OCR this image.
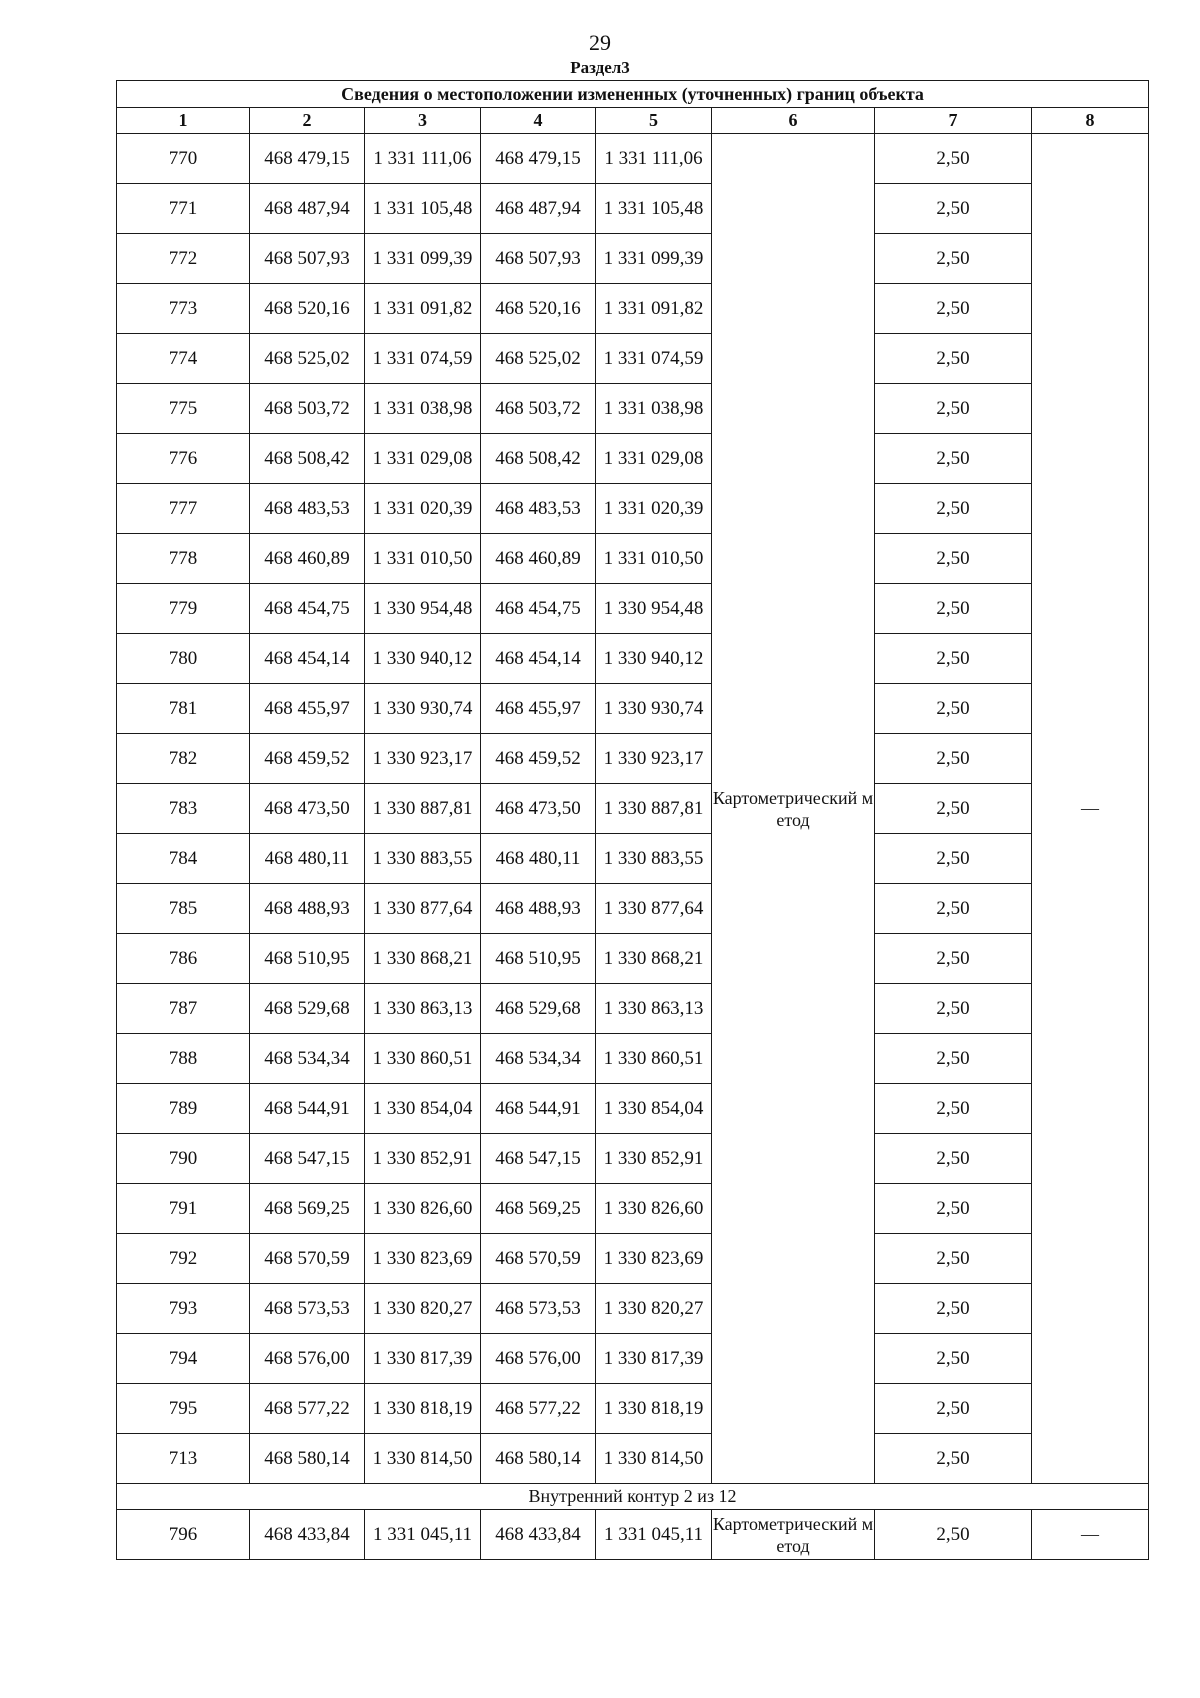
29
Раздел3
Сведения о местоположении измененных (уточненных) границ объекта							
1	2	3	4	5	6	7	8
770	468 479,15	1 331 111,06	468 479,15	1 331 111,06	Картометрический метод	2,50	—
771	468 487,94	1 331 105,48	468 487,94	1 331 105,48		2,50	
772	468 507,93	1 331 099,39	468 507,93	1 331 099,39		2,50	
773	468 520,16	1 331 091,82	468 520,16	1 331 091,82		2,50	
774	468 525,02	1 331 074,59	468 525,02	1 331 074,59		2,50	
775	468 503,72	1 331 038,98	468 503,72	1 331 038,98		2,50	
776	468 508,42	1 331 029,08	468 508,42	1 331 029,08		2,50	
777	468 483,53	1 331 020,39	468 483,53	1 331 020,39		2,50	
778	468 460,89	1 331 010,50	468 460,89	1 331 010,50		2,50	
779	468 454,75	1 330 954,48	468 454,75	1 330 954,48		2,50	
780	468 454,14	1 330 940,12	468 454,14	1 330 940,12		2,50	
781	468 455,97	1 330 930,74	468 455,97	1 330 930,74		2,50	
782	468 459,52	1 330 923,17	468 459,52	1 330 923,17		2,50	
783	468 473,50	1 330 887,81	468 473,50	1 330 887,81		2,50	
784	468 480,11	1 330 883,55	468 480,11	1 330 883,55		2,50	
785	468 488,93	1 330 877,64	468 488,93	1 330 877,64		2,50	
786	468 510,95	1 330 868,21	468 510,95	1 330 868,21		2,50	
787	468 529,68	1 330 863,13	468 529,68	1 330 863,13		2,50	
788	468 534,34	1 330 860,51	468 534,34	1 330 860,51		2,50	
789	468 544,91	1 330 854,04	468 544,91	1 330 854,04		2,50	
790	468 547,15	1 330 852,91	468 547,15	1 330 852,91		2,50	
791	468 569,25	1 330 826,60	468 569,25	1 330 826,60		2,50	
792	468 570,59	1 330 823,69	468 570,59	1 330 823,69		2,50	
793	468 573,53	1 330 820,27	468 573,53	1 330 820,27		2,50	
794	468 576,00	1 330 817,39	468 576,00	1 330 817,39		2,50	
795	468 577,22	1 330 818,19	468 577,22	1 330 818,19		2,50	
713	468 580,14	1 330 814,50	468 580,14	1 330 814,50		2,50	
Внутренний контур 2 из 12							
796	468 433,84	1 331 045,11	468 433,84	1 331 045,11	Картометрический метод	2,50	—
